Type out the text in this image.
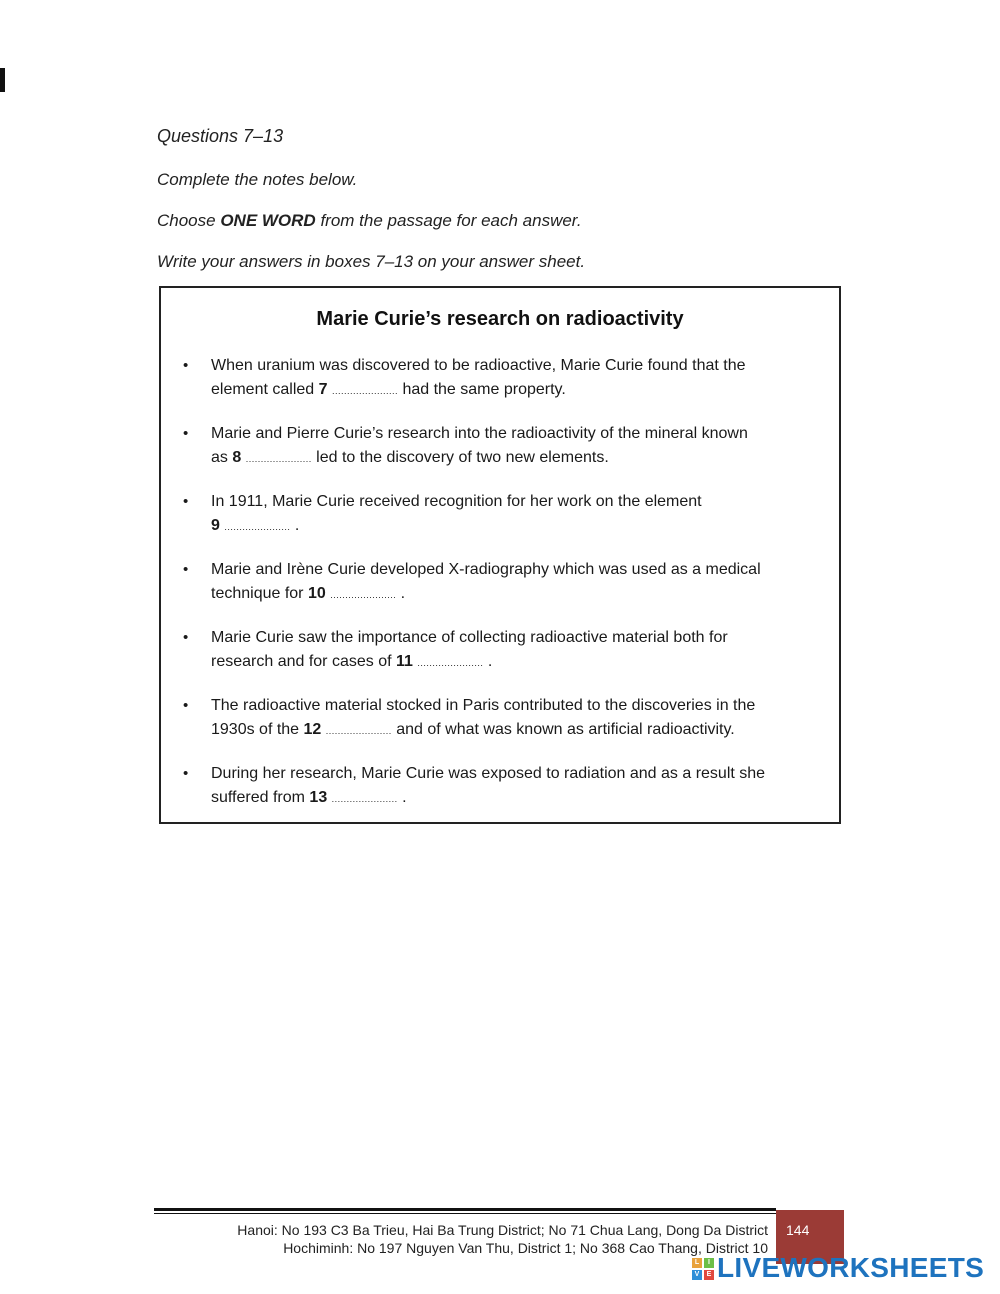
Questions 7–13

Complete the notes below.

Choose ONE WORD from the passage for each answer.

Write your answers in boxes 7–13 on your answer sheet.

Marie Curie’s research on radioactivity
• When uranium was discovered to be radioactive, Marie Curie found that the
element called 7 ...................... had the same property.
• Marie and Pierre Curie’s research into the radioactivity of the mineral known
as 8 ...................... led to the discovery of two new elements.
• In 1911, Marie Curie received recognition for her work on the element
9 ...................... .
• Marie and Irène Curie developed X-radiography which was used as a medical
technique for 10 ...................... .
• Marie Curie saw the importance of collecting radioactive material both for
research and for cases of 11 ...................... .
• The radioactive material stocked in Paris contributed to the discoveries in the
1930s of the 12 ...................... and of what was known as artificial radioactivity.
• During her research, Marie Curie was exposed to radiation and as a result she
suffered from 13 ...................... .
Hanoi: No 193 C3 Ba Trieu, Hai Ba Trung District; No 71 Chua Lang, Dong Da District
Hochiminh: No 197 Nguyen Van Thu, District 1; No 368 Cao Thang, District 10
144
L	I
V	E LIVEWORKSHEETS
